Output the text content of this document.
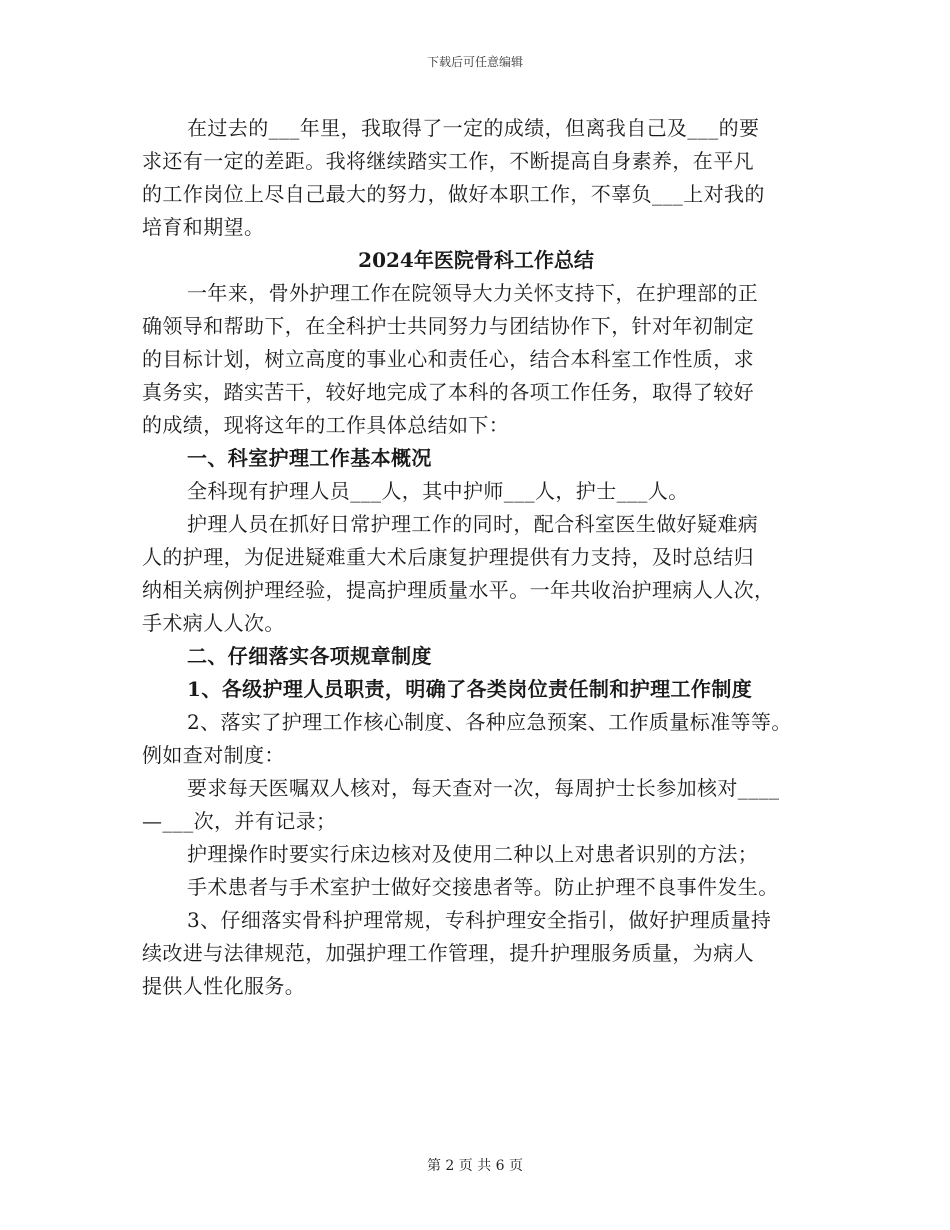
下载后可任意编辑
在过去的___年里，我取得了一定的成绩，但离我自己及___的要
求还有一定的差距。我将继续踏实工作，不断提高自身素养，在平凡
的工作岗位上尽自己最大的努力，做好本职工作，不辜负___上对我的
培育和期望。
2024年医院骨科工作总结
一年来，骨外护理工作在院领导大力关怀支持下，在护理部的正
确领导和帮助下，在全科护士共同努力与团结协作下，针对年初制定
的目标计划，树立高度的事业心和责任心，结合本科室工作性质，求
真务实，踏实苦干，较好地完成了本科的各项工作任务，取得了较好
的成绩，现将这年的工作具体总结如下：
一、科室护理工作基本概况
全科现有护理人员___人，其中护师___人，护士___人。
护理人员在抓好日常护理工作的同时，配合科室医生做好疑难病
人的护理，为促进疑难重大术后康复护理提供有力支持，及时总结归
纳相关病例护理经验，提高护理质量水平。一年共收治护理病人人次，
手术病人人次。
二、仔细落实各项规章制度
1、各级护理人员职责，明确了各类岗位责任制和护理工作制度
2、落实了护理工作核心制度、各种应急预案、工作质量标准等等。
例如查对制度：
要求每天医嘱双人核对，每天查对一次，每周护士长参加核对____
—___次，并有记录；
护理操作时要实行床边核对及使用二种以上对患者识别的方法；
手术患者与手术室护士做好交接患者等。防止护理不良事件发生。
3、仔细落实骨科护理常规，专科护理安全指引，做好护理质量持
续改进与法律规范，加强护理工作管理，提升护理服务质量，为病人
提供人性化服务。
第 2 页 共 6 页
